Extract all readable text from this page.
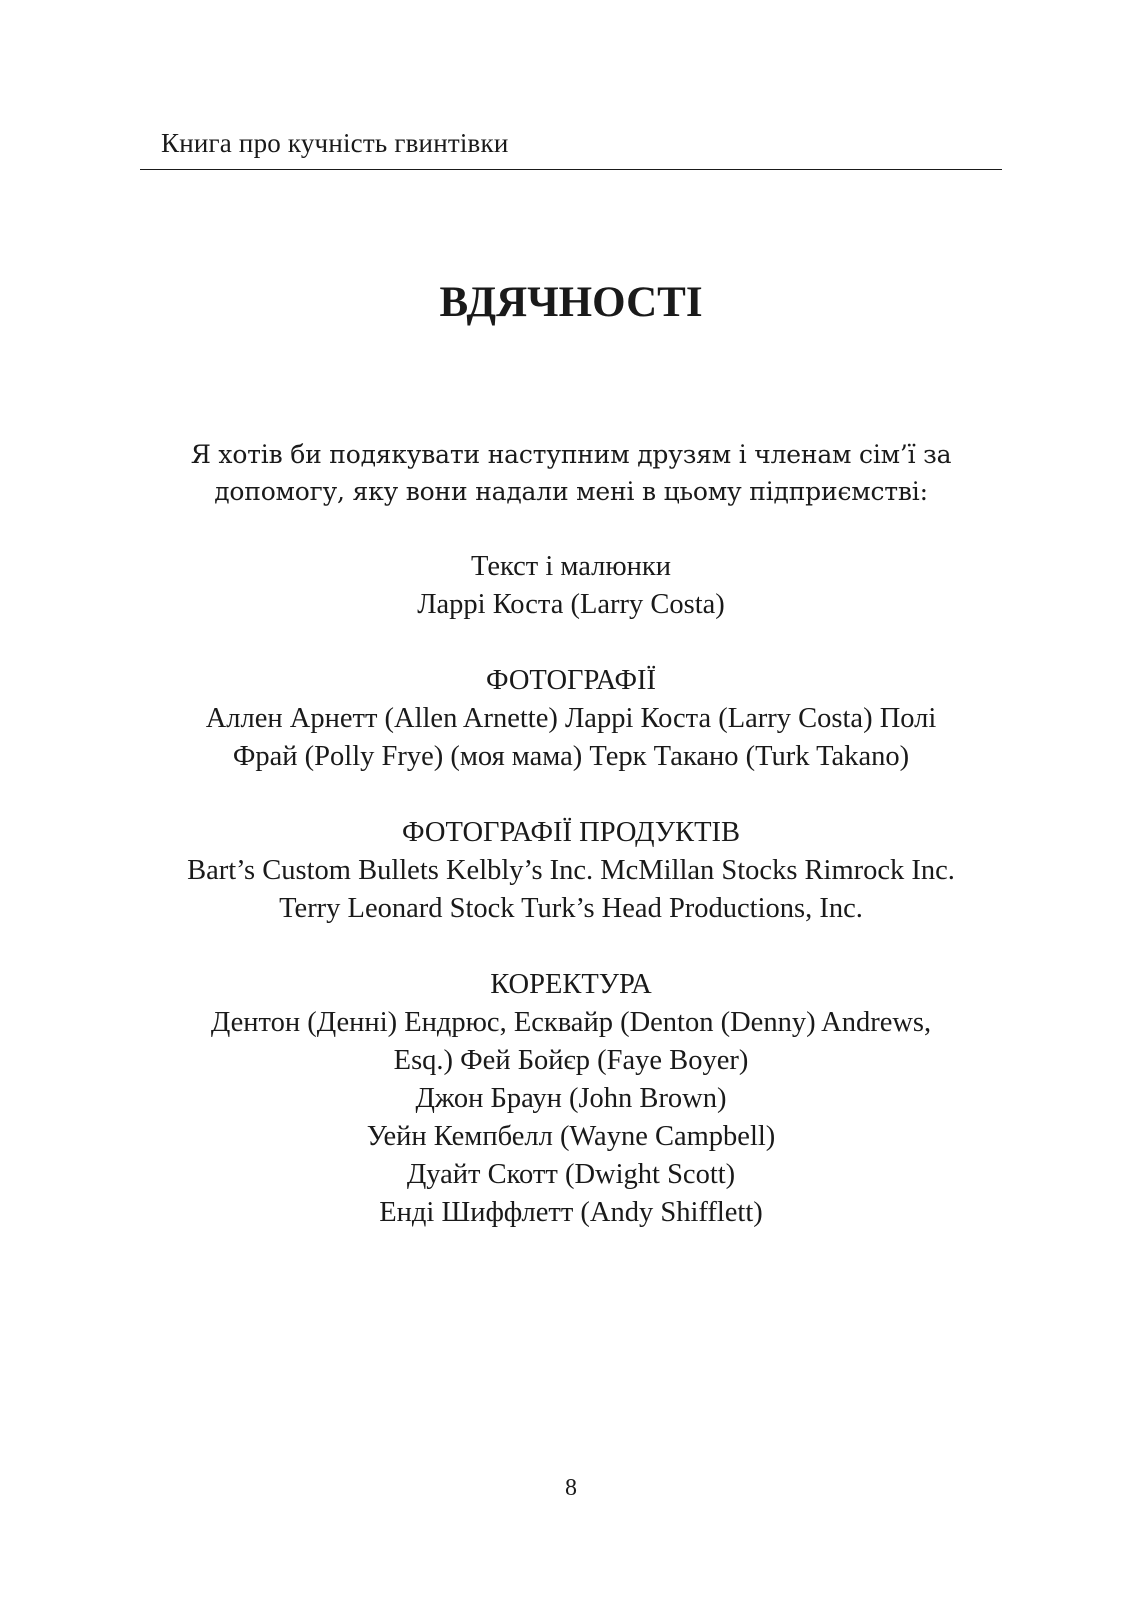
Книга про кучність гвинтівки
ВДЯЧНОСТІ

Я хотів би подякувати наступним друзям і членам сім’ї за

допомогу, яку вони надали мені в цьому підприємстві:

Текст і малюнки

Ларрі Коста (Larry Costa)

ФОТОГРАФІЇ

Аллен Арнетт (Allen Arnette) Ларрі Коста (Larry Costa) Полі

Фрай (Polly Frye) (моя мама) Терк Такано (Turk Takano)

ФОТОГРАФІЇ ПРОДУКТІВ

Bart’s Custom Bullets Kelbly’s Inc. McMillan Stocks Rimrock Inc.

Terry Leonard Stock Turk’s Head Productions, Inc.

КОРЕКТУРА

Дентон (Денні) Ендрюс, Есквайр (Denton (Denny) Andrews,

Esq.) Фей Бойєр (Faye Boyer)

Джон Браун (John Brown)

Уейн Кемпбелл (Wayne Campbell)

Дуайт Скотт (Dwight Scott)

Енді Шиффлетт (Andy Shifflett)

8
